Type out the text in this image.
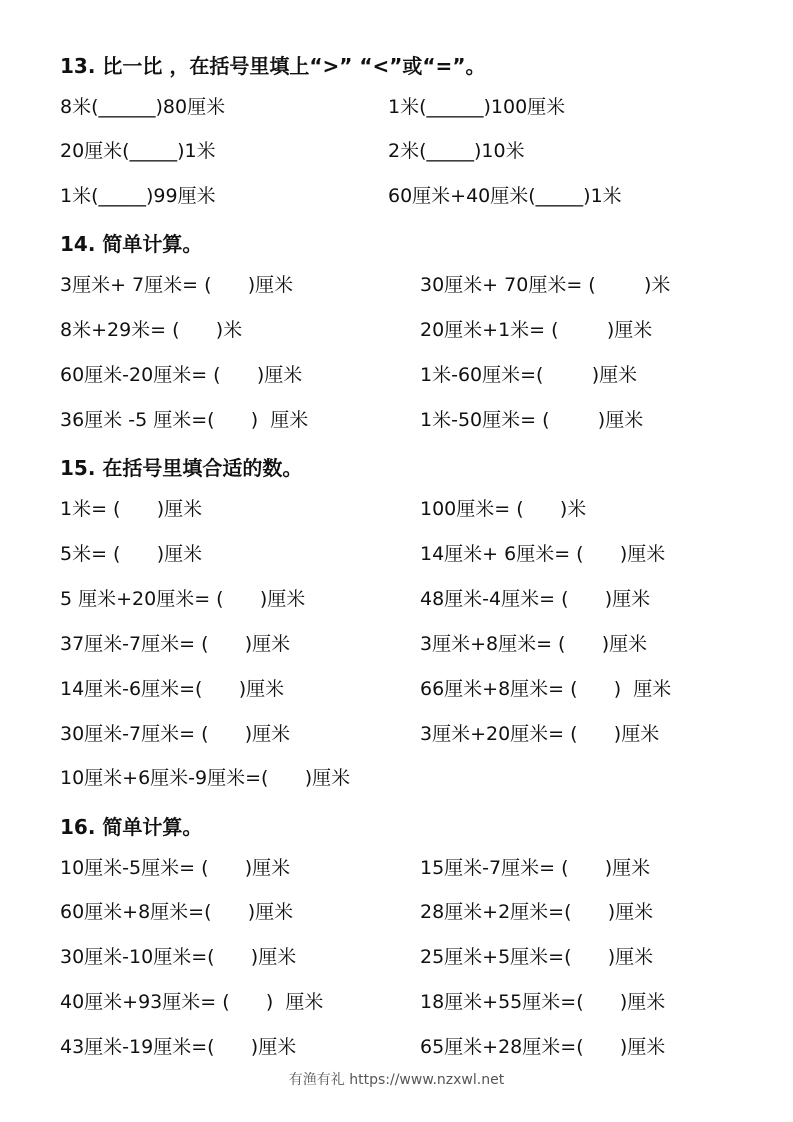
13. 比一比 ，在括号里填上“>” “<”或“=”。
8米(______)80厘米	1米(______)100厘米
20厘米(_____)1米	2米(_____)10米
1米(_____)99厘米	60厘米+40厘米(_____)1米
14. 简单计算。
3厘米+ 7厘米= (      )厘米	30厘米+ 70厘米= (        )米
8米+29米= (      )米	20厘米+1米= (        )厘米
60厘米-20厘米= (      )厘米	1米-60厘米=(        )厘米
36厘米 -5 厘米=(      )  厘米	1米-50厘米= (        )厘米
15. 在括号里填合适的数。
1米= (      )厘米	100厘米= (      )米
5米= (      )厘米	14厘米+ 6厘米= (      )厘米
5 厘米+20厘米= (      )厘米	48厘米-4厘米= (      )厘米
37厘米-7厘米= (      )厘米	3厘米+8厘米= (      )厘米
14厘米-6厘米=(      )厘米	66厘米+8厘米= (      )  厘米
30厘米-7厘米= (      )厘米	3厘米+20厘米= (      )厘米
10厘米+6厘米-9厘米=(      )厘米
16. 简单计算。
10厘米-5厘米= (      )厘米	15厘米-7厘米= (      )厘米
60厘米+8厘米=(      )厘米	28厘米+2厘米=(      )厘米
30厘米-10厘米=(      )厘米	25厘米+5厘米=(      )厘米
40厘米+93厘米= (      )  厘米	18厘米+55厘米=(      )厘米
43厘米-19厘米=(      )厘米	65厘米+28厘米=(      )厘米
有渔有礼 https://www.nzxwl.net
